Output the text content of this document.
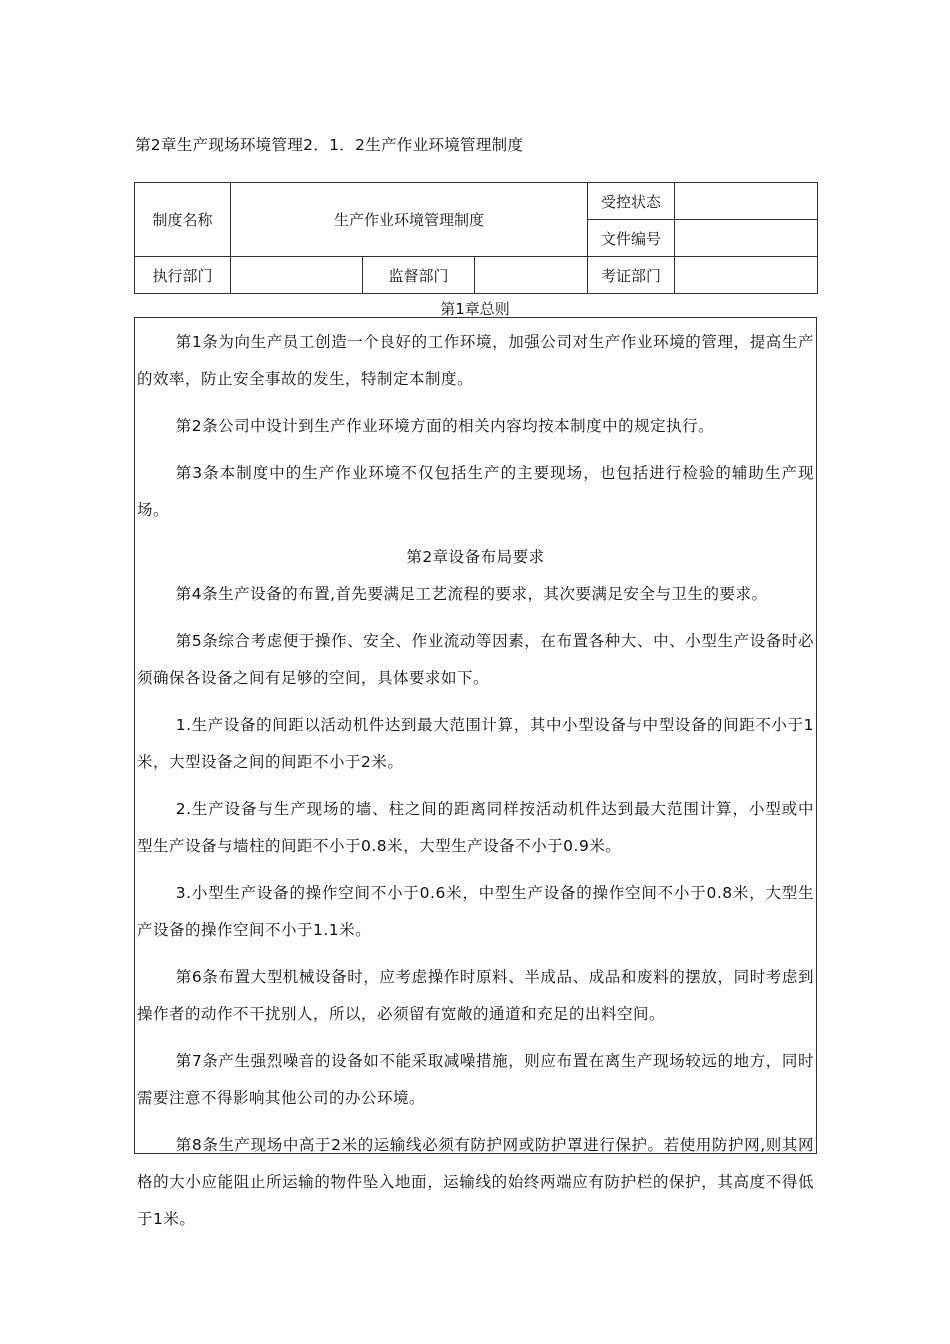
第2章生产现场环境管理2．1．2生产作业环境管理制度
制度名称	生产作业环境管理制度			受控状态	
				文件编号	
执行部门		监督部门		考证部门	
第1章总则

第1条为向生产员工创造一个良好的工作环境，加强公司对生产作业环境的管理，提高生产的效率，防止安全事故的发生，特制定本制度。

第2条公司中设计到生产作业环境方面的相关内容均按本制度中的规定执行。

第3条本制度中的生产作业环境不仅包括生产的主要现场，也包括进行检验的辅助生产现场。

第2章设备布局要求

第4条生产设备的布置,首先要满足工艺流程的要求，其次要满足安全与卫生的要求。

第5条综合考虑便于操作、安全、作业流动等因素，在布置各种大、中、小型生产设备时必须确保各设备之间有足够的空间，具体要求如下。

1.生产设备的间距以活动机件达到最大范围计算，其中小型设备与中型设备的间距不小于1米，大型设备之间的间距不小于2米。

2.生产设备与生产现场的墙、柱之间的距离同样按活动机件达到最大范围计算，小型或中型生产设备与墙柱的间距不小于0.8米，大型生产设备不小于0.9米。

3.小型生产设备的操作空间不小于0.6米，中型生产设备的操作空间不小于0.8米，大型生产设备的操作空间不小于1.1米。

第6条布置大型机械设备时，应考虑操作时原料、半成品、成品和废料的摆放，同时考虑到操作者的动作不干扰别人，所以，必须留有宽敞的通道和充足的出料空间。

第7条产生强烈噪音的设备如不能采取减噪措施，则应布置在离生产现场较远的地方，同时需要注意不得影响其他公司的办公环境。

第8条生产现场中高于2米的运输线必须有防护网或防护罩进行保护。若使用防护网,则其网格的大小应能阻止所运输的物件坠入地面，运输线的始终两端应有防护栏的保护，其高度不得低于1米。
